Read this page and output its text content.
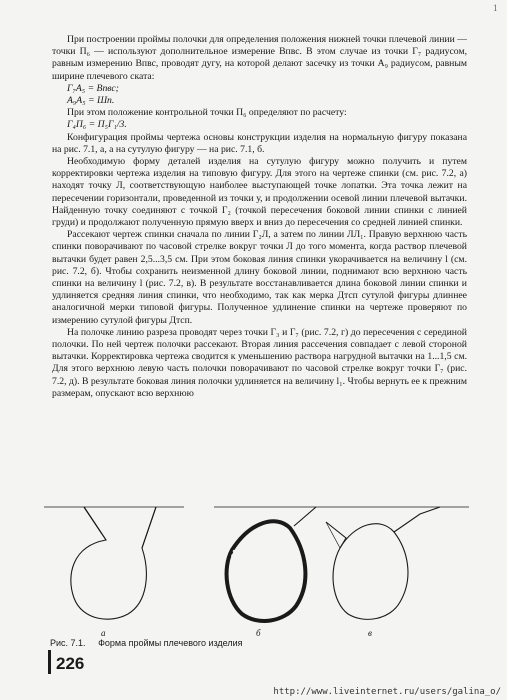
1

При построении проймы полочки для определения положения нижней точки плечевой линии — точки П₆ — используют дополнительное измерение Впвс. В этом случае из точки Г₇ радиусом, равным измерению Впвс, проводят дугу, на которой делают засечку из точки А₉ радиусом, равным ширине плечевого ската:

Г₇А₅ = Впвс;

А₉А₅ = Шп.

При этом положение контрольной точки П₆ определяют по расчету:

Г₄П₆ = П₅Г₁/3.

Конфигурация проймы чертежа основы конструкции изделия на нормальную фигуру показана на рис. 7.1, а, а на сутулую фигуру — на рис. 7.1, б.

Необходимую форму деталей изделия на сутулую фигуру можно получить и путем корректировки чертежа изделия на типовую фигуру. Для этого на чертеже спинки (см. рис. 7.2, а) находят точку Л, соответствующую наиболее выступающей точке лопатки. Эта точка лежит на пересечении горизонтали, проведенной из точки у, и продолжении осевой линии плечевой вытачки. Найденную точку соединяют с точкой Г₂ (точкой пересечения боковой линии спинки с линией груди) и продолжают полученную прямую вверх и вниз до пересечения со средней линией спинки.

Рассекают чертеж спинки сначала по линии Г₂Л, а затем по линии ЛЛ₁. Правую верхнюю часть спинки поворачивают по часовой стрелке вокруг точки Л до того момента, когда раствор плечевой вытачки будет равен 2,5...3,5 см. При этом боковая линия спинки укорачивается на величину l (см. рис. 7.2, б). Чтобы сохранить неизменной длину боковой линии, поднимают всю верхнюю часть спинки на величину l (рис. 7.2, в). В результате восстанавливается длина боковой линии спинки и удлиняется средняя линия спинки, что необходимо, так как мерка Дтсп сутулой фигуры длиннее аналогичной мерки типовой фигуры. Полученное удлинение спинки на чертеже проверяют по измерению сутулой фигуры Дтсп.

На полочке линию разреза проводят через точки Г₃ и Г₇ (рис. 7.2, г) до пересечения с серединой полочки. По ней чертеж полочки рассекают. Вторая линия рассечения совпадает с левой стороной вытачки. Корректировка чертежа сводится к уменьшению раствора нагрудной вытачки на 1...1,5 см. Для этого верхнюю левую часть полочки поворачивают по часовой стрелке вокруг точки Г₇ (рис. 7.2, д). В результате боковая линия полочки удлиняется на величину l₁. Чтобы вернуть ее к прежним размерам, опускают всю верхнюю

а	б	в
Рис. 7.1. Форма проймы плечевого изделия
226
http://www.liveinternet.ru/users/galina_o/
